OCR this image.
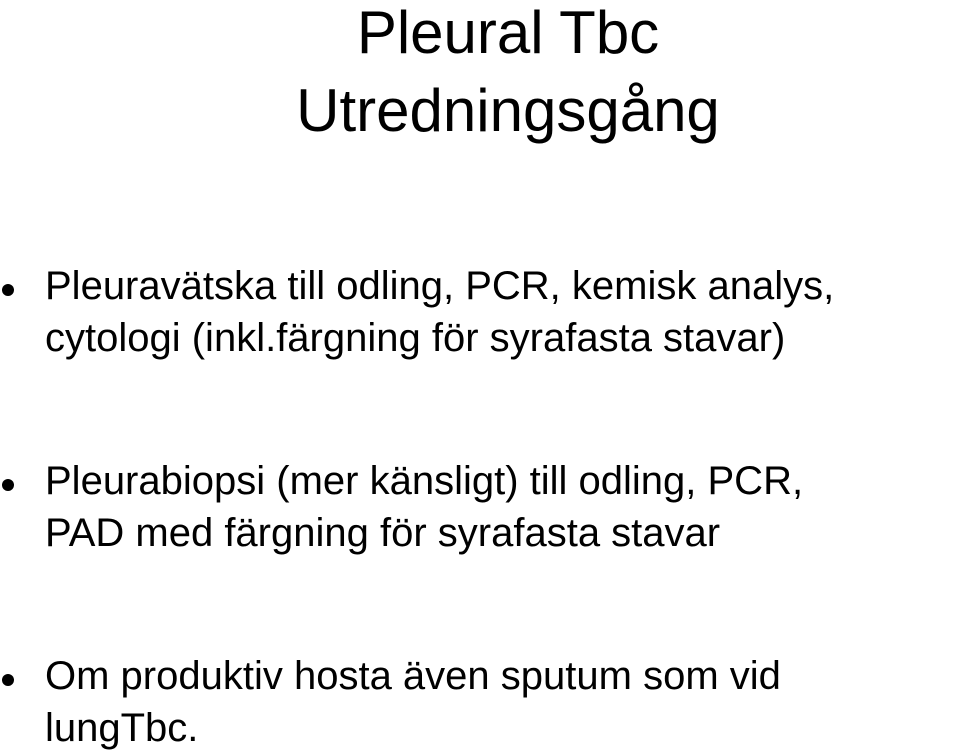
Pleural Tbc
Utredningsgång
Pleuravätska till odling, PCR, kemisk analys,
cytologi (inkl.färgning för syrafasta stavar)
Pleurabiopsi (mer känsligt) till odling, PCR,
PAD med färgning för syrafasta stavar
Om produktiv hosta även sputum som vid
lungTbc.
